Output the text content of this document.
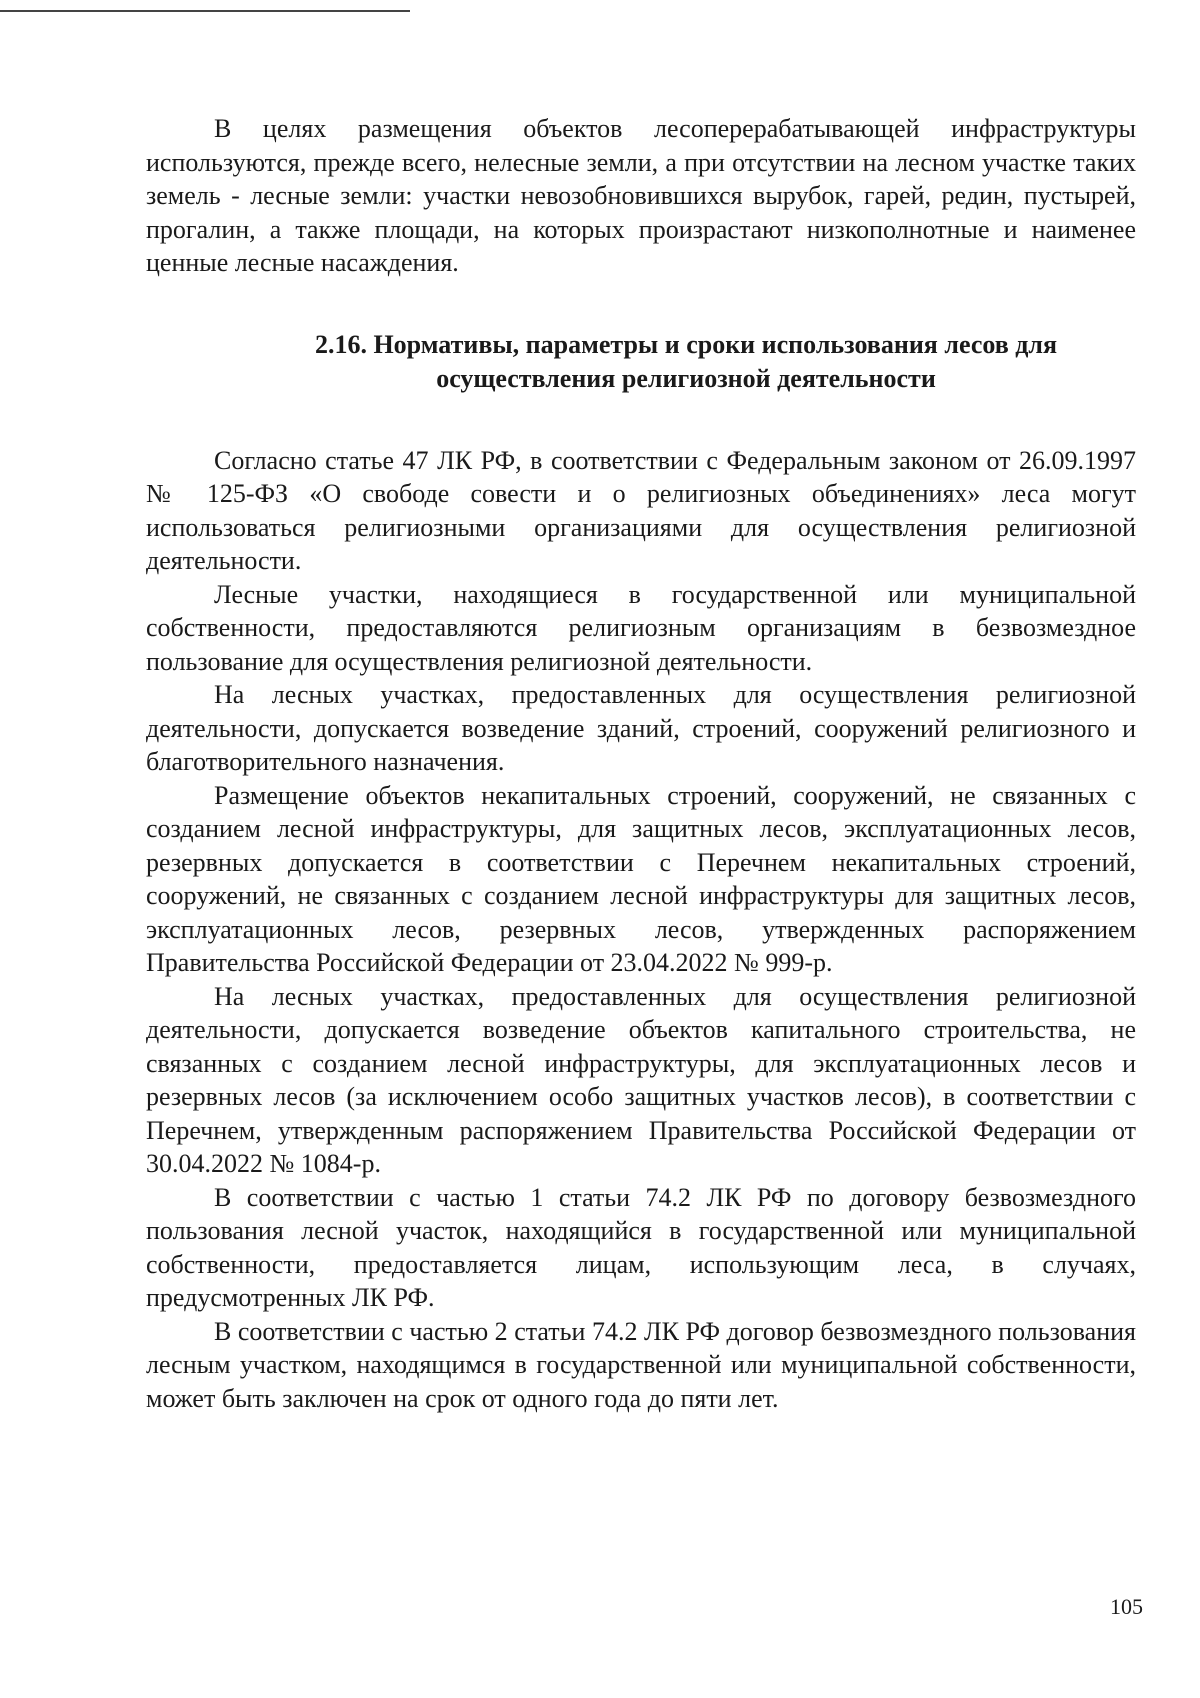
В целях размещения объектов лесоперерабатывающей инфраструктуры используются, прежде всего, нелесные земли, а при отсутствии на лесном участке таких земель - лесные земли: участки невозобновившихся вырубок, гарей, редин, пустырей, прогалин, а также площади, на которых произрастают низкополнотные и наименее ценные лесные насаждения.

2.16. Нормативы, параметры и сроки использования лесов для осуществления религиозной деятельности

Согласно статье 47 ЛК РФ, в соответствии с Федеральным законом от 26.09.1997 № 125-ФЗ «О свободе совести и о религиозных объединениях» леса могут использоваться религиозными организациями для осуществления религиозной деятельности.

Лесные участки, находящиеся в государственной или муниципальной собственности, предоставляются религиозным организациям в безвозмездное пользование для осуществления религиозной деятельности.

На лесных участках, предоставленных для осуществления религиозной деятельности, допускается возведение зданий, строений, сооружений религиозного и благотворительного назначения.

Размещение объектов некапитальных строений, сооружений, не связанных с созданием лесной инфраструктуры, для защитных лесов, эксплуатационных лесов, резервных допускается в соответствии с Перечнем некапитальных строений, сооружений, не связанных с созданием лесной инфраструктуры для защитных лесов, эксплуатационных лесов, резервных лесов, утвержденных распоряжением Правительства Российской Федерации от 23.04.2022 № 999-р.

На лесных участках, предоставленных для осуществления религиозной деятельности, допускается возведение объектов капитального строительства, не связанных с созданием лесной инфраструктуры, для эксплуатационных лесов и резервных лесов (за исключением особо защитных участков лесов), в соответствии с Перечнем, утвержденным распоряжением Правительства Российской Федерации от 30.04.2022 № 1084-р.

В соответствии с частью 1 статьи 74.2 ЛК РФ по договору безвозмездного пользования лесной участок, находящийся в государственной или муниципальной собственности, предоставляется лицам, использующим леса, в случаях, предусмотренных ЛК РФ.

В соответствии с частью 2 статьи 74.2 ЛК РФ договор безвозмездного пользования лесным участком, находящимся в государственной или муниципальной собственности, может быть заключен на срок от одного года до пяти лет.

105
